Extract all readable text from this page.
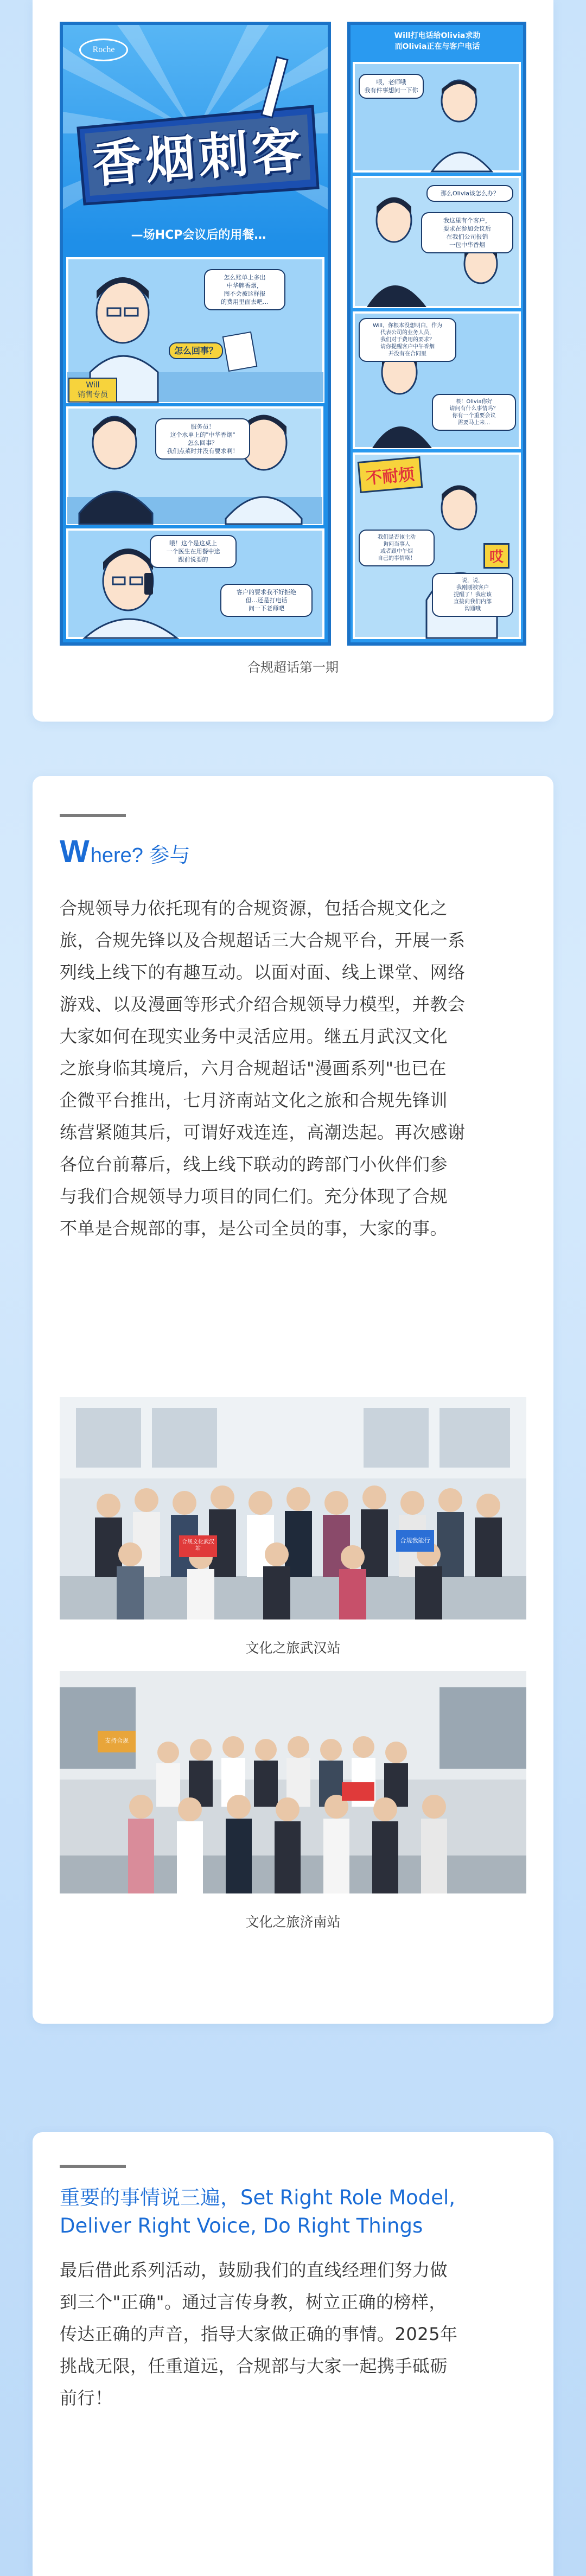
Roche
香烟刺客
—场HCP会议后的用餐…
怎么账单上多出
中华牌香烟，
图不会被这样报
的费用里面去吧…
怎么回事？
服务员！
这个水单上的"中华香烟"
怎么回事？
我们点菜时并没有要求啊！
哦！这个是这桌上
一个医生在用餐中途
跟前说要的
客户的要求我不好拒绝
但…还是打电话
问一下老师吧
Will
销售专员
Will打电话给Olivia求助
而Olivia正在与客户电话
喂，老师哦
我有件事想问一下你
那么Olivia该怎么办？
我这里有个客户，
要求在参加会议后
在我们公司报销
一包中华香烟
Will，你根本没想明白，作为
代表公司的业务人员，
我们对于费用的要求？
请你提醒客户中午香烟
并没有在合同里
喂！Olivia你好
请问有什么事情吗？
你有一个重要会议
需要马上来…
我们是否该主动
询问当事人
或者跟中午烟
自己的事情咯！
说，说，
我刚刚被客户
提醒了！我应该
直接向我们内部
沟通哦
不耐烦
哎
合规超话第一期
W here? 参与
合规领导力依托现有的合规资源，包括合规文化之
旅，合规先锋以及合规超话三大合规平台，开展一系
列线上线下的有趣互动。以面对面、线上课堂、网络
游戏、以及漫画等形式介绍合规领导力模型，并教会
大家如何在现实业务中灵活应用。继五月武汉文化
之旅身临其境后，六月合规超话"漫画系列"也已在
企微平台推出，七月济南站文化之旅和合规先锋训
练营紧随其后，可谓好戏连连，高潮迭起。再次感谢
各位台前幕后，线上线下联动的跨部门小伙伴们参
与我们合规领导力项目的同仁们。充分体现了合规
不单是合规部的事，是公司全员的事，大家的事。
合规文化武汉站
合规我能行
文化之旅武汉站
支持合规
文化之旅济南站
重要的事情说三遍，Set Right Role Model,
Deliver Right Voice, Do Right Things
最后借此系列活动，鼓励我们的直线经理们努力做
到三个"正确"。通过言传身教，树立正确的榜样，
传达正确的声音，指导大家做正确的事情。2025年
挑战无限，任重道远，合规部与大家一起携手砥砺
前行！
